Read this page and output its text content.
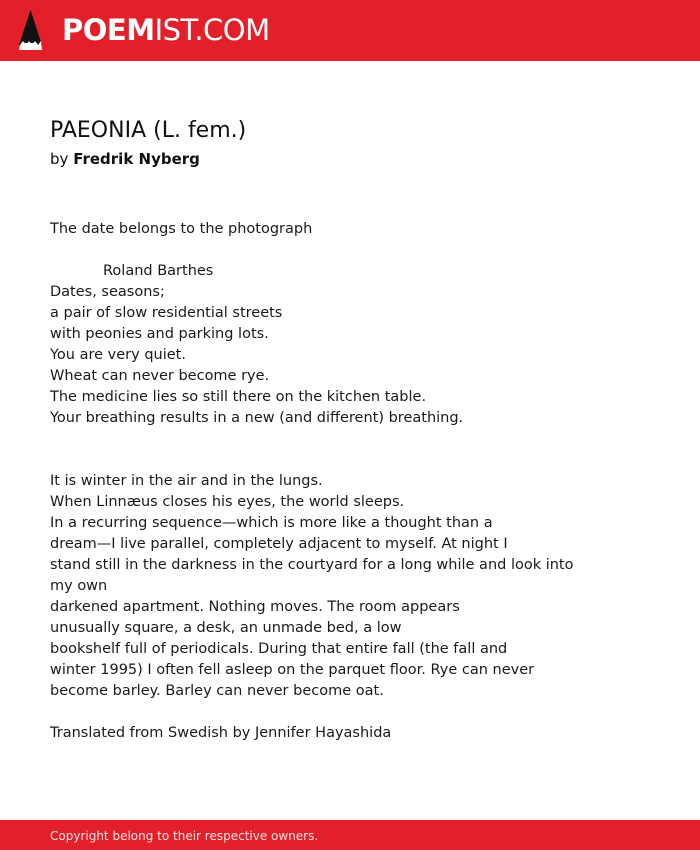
POEMIST.COM
PAEONIA (L. fem.)
by Fredrik Nyberg
The date belongs to the photograph
Roland Barthes
Dates, seasons;
a pair of slow residential streets
with peonies and parking lots.
You are very quiet.
Wheat can never become rye.
The medicine lies so still there on the kitchen table.
Your breathing results in a new (and different) breathing.
It is winter in the air and in the lungs.
When Linnæus closes his eyes, the world sleeps.
In a recurring sequence—which is more like a thought than a
dream—I live parallel, completely adjacent to myself. At night I
stand still in the darkness in the courtyard for a long while and look into
my own
darkened apartment. Nothing moves. The room appears
unusually square, a desk, an unmade bed, a low
bookshelf full of periodicals. During that entire fall (the fall and
winter 1995) I often fell asleep on the parquet floor. Rye can never
become barley. Barley can never become oat.
Translated from Swedish by Jennifer Hayashida
Copyright belong to their respective owners.
